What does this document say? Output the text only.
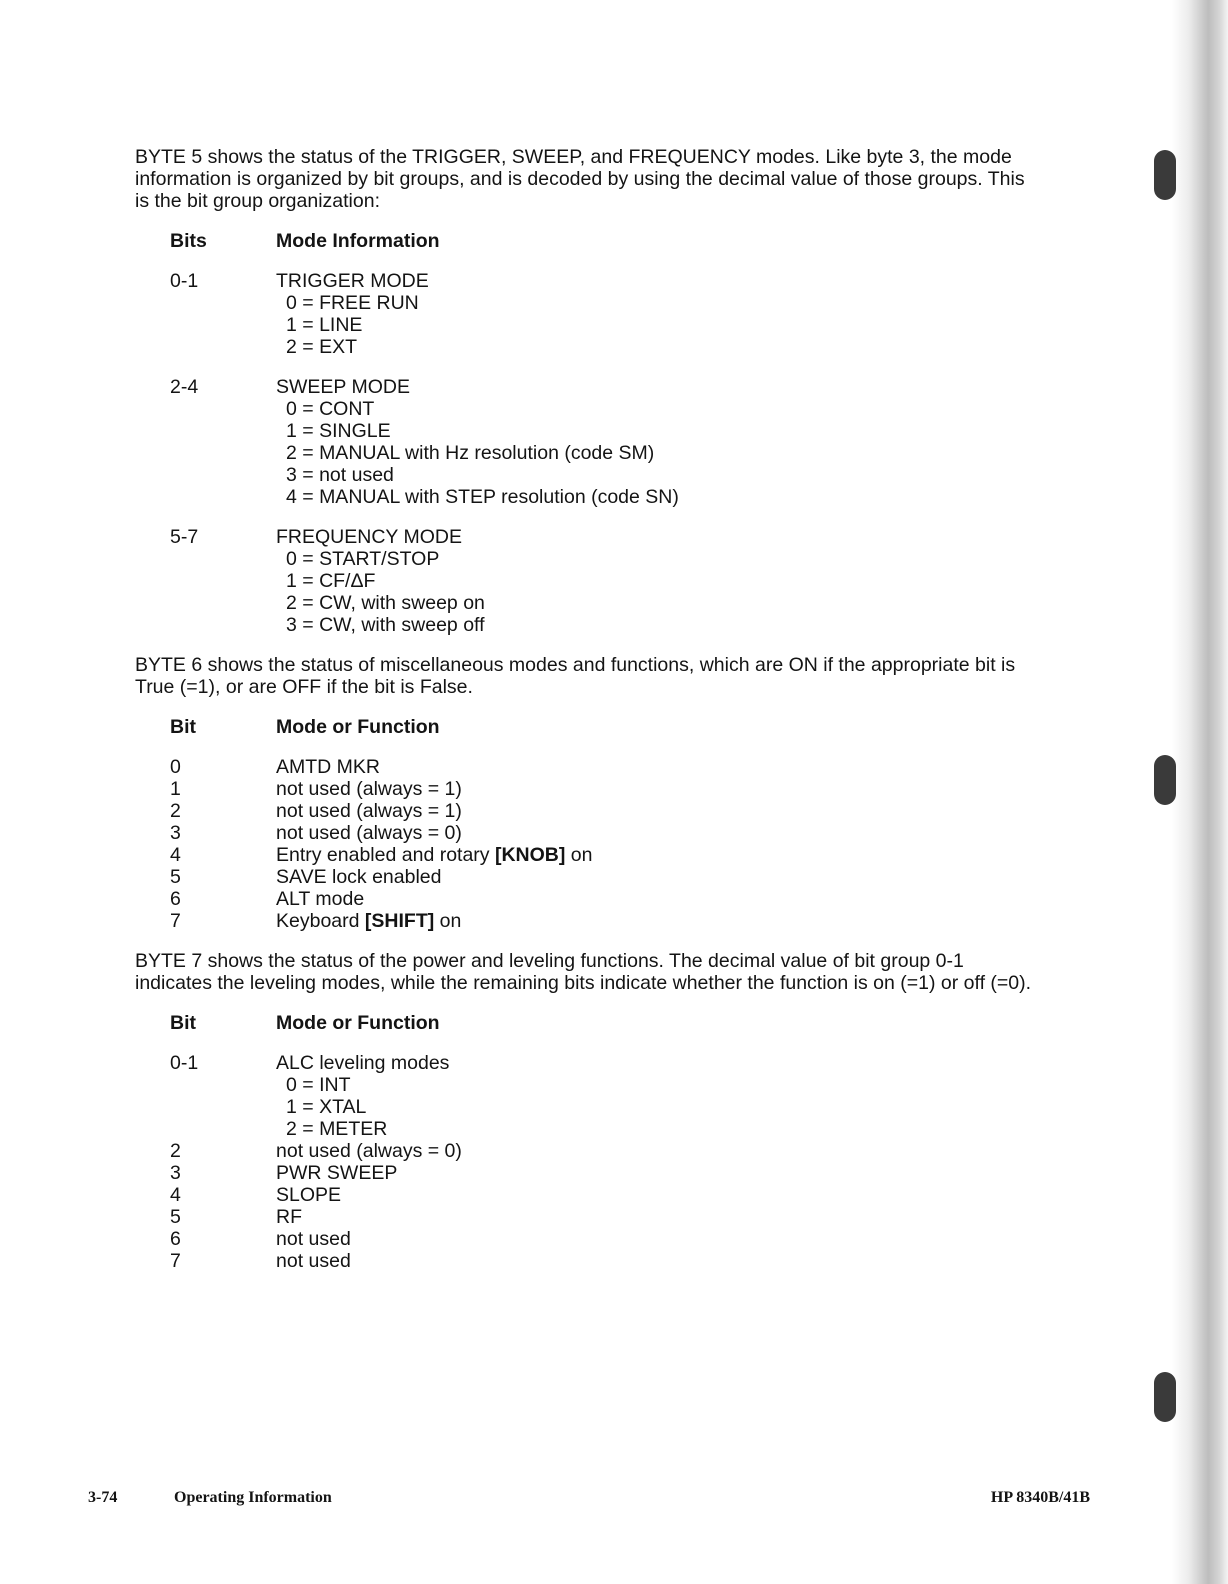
BYTE 5 shows the status of the TRIGGER, SWEEP, and FREQUENCY modes. Like byte 3, the mode information is organized by bit groups, and is decoded by using the decimal value of those groups. This is the bit group organization:

Bits	Mode Information
0-1	TRIGGER MODE
0 = FREE RUN
1 = LINE
2 = EXT
2-4	SWEEP MODE
0 = CONT
1 = SINGLE
2 = MANUAL with Hz resolution (code SM)
3 = not used
4 = MANUAL with STEP resolution (code SN)
5-7	FREQUENCY MODE
0 = START/STOP
1 = CF/ΔF
2 = CW, with sweep on
3 = CW, with sweep off

BYTE 6 shows the status of miscellaneous modes and functions, which are ON if the appropriate bit is True (=1), or are OFF if the bit is False.

Bit	Mode or Function
0	AMTD MKR
1	not used (always = 1)
2	not used (always = 1)
3	not used (always = 0)
4	Entry enabled and rotary [KNOB] on
5	SAVE lock enabled
6	ALT mode
7	Keyboard [SHIFT] on

BYTE 7 shows the status of the power and leveling functions. The decimal value of bit group 0-1 indicates the leveling modes, while the remaining bits indicate whether the function is on (=1) or off (=0).

Bit	Mode or Function
0-1	ALC leveling modes
0 = INT
1 = XTAL
2 = METER
2	not used (always = 0)
3	PWR SWEEP
4	SLOPE
5	RF
6	not used
7	not used
3-74	Operating Information	HP 8340B/41B
